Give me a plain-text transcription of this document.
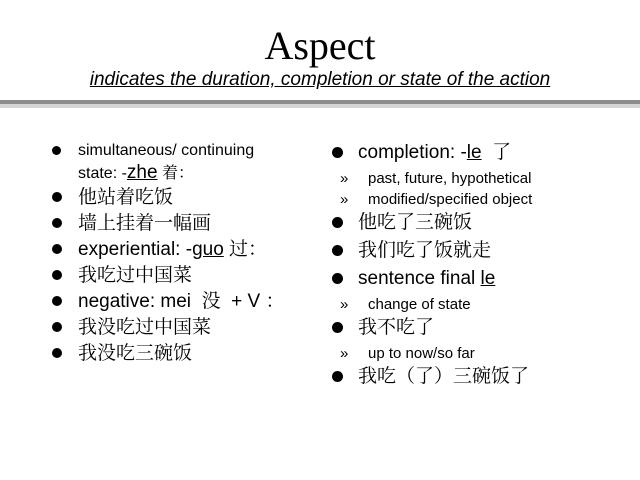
Aspect
indicates the duration, completion or state of the action
simultaneous/ continuing state: -zhe 着：
他站着吃饭
墙上挂着一幅画
experiential: -guo 过：
我吃过中国菜
negative: mei  没  + V ：
我没吃过中国菜
我没吃三碗饭
completion: -le  了
» past, future, hypothetical
» modified/specified object
他吃了三碗饭
我们吃了饭就走
sentence final le
» change of state
我不吃了
» up to now/so far
我吃（了）三碗饭了
